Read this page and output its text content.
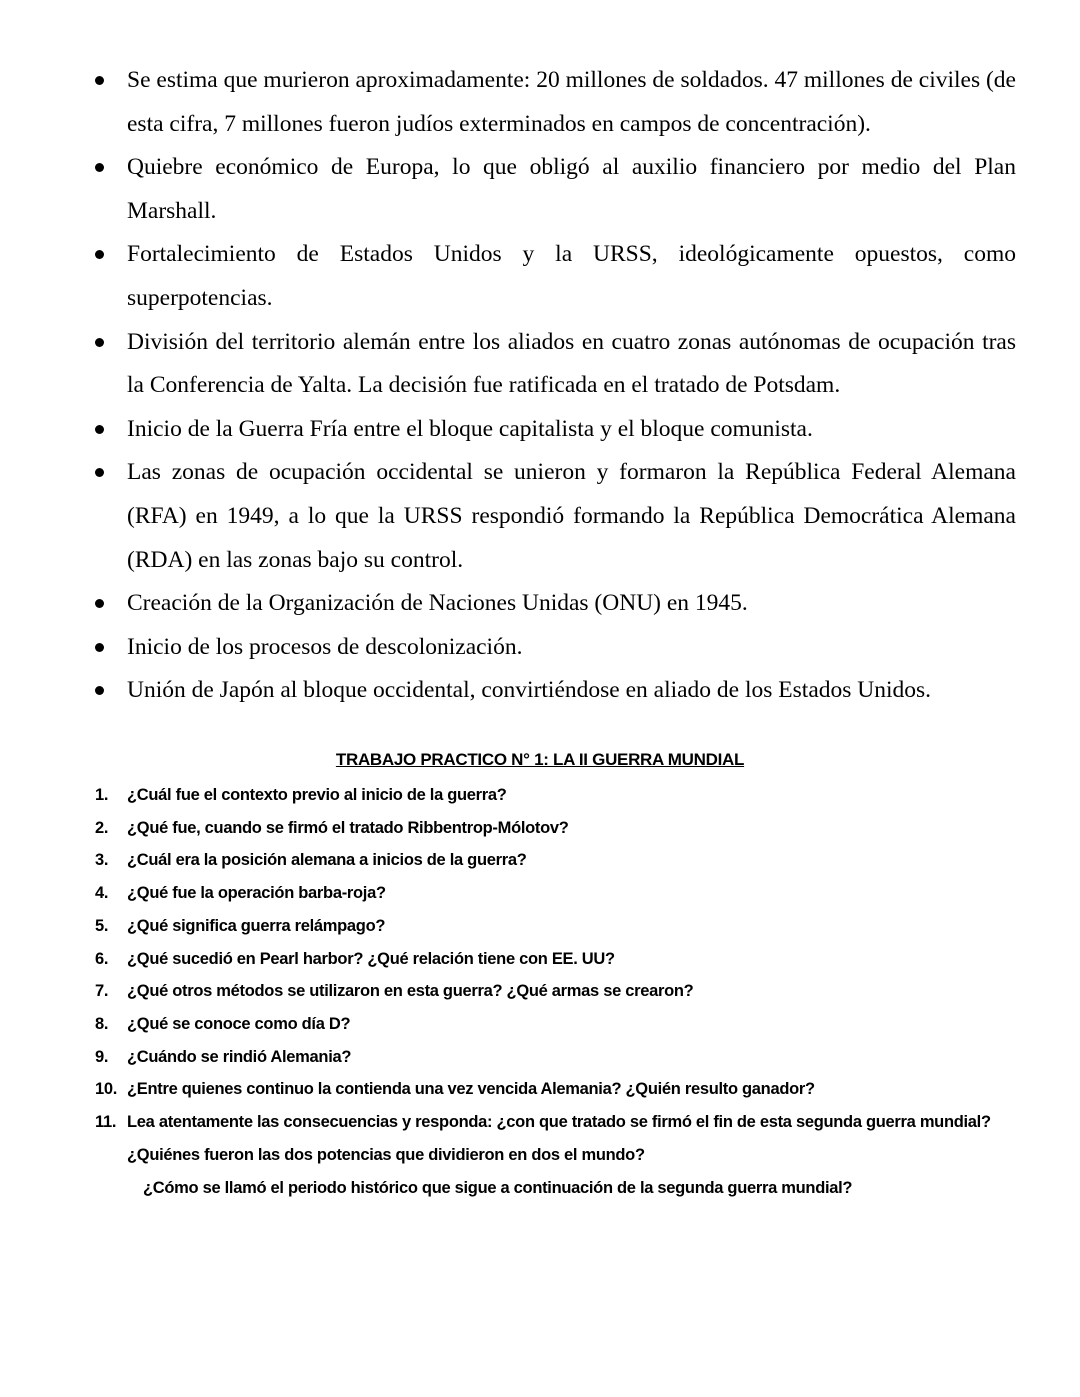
Se estima que murieron aproximadamente: 20 millones de soldados. 47 millones de civiles (de esta cifra, 7 millones fueron judíos exterminados en campos de concentración).
Quiebre económico de Europa, lo que obligó al auxilio financiero por medio del Plan Marshall.
Fortalecimiento de Estados Unidos y la URSS, ideológicamente opuestos, como superpotencias.
División del territorio alemán entre los aliados en cuatro zonas autónomas de ocupación tras la Conferencia de Yalta. La decisión fue ratificada en el tratado de Potsdam.
Inicio de la Guerra Fría entre el bloque capitalista y el bloque comunista.
Las zonas de ocupación occidental se unieron y formaron la República Federal Alemana (RFA) en 1949, a lo que la URSS respondió formando la República Democrática Alemana (RDA) en las zonas bajo su control.
Creación de la Organización de Naciones Unidas (ONU) en 1945.
Inicio de los procesos de descolonización.
Unión de Japón al bloque occidental, convirtiéndose en aliado de los Estados Unidos.
TRABAJO PRACTICO N° 1: LA II GUERRA MUNDIAL
1. ¿Cuál fue el contexto previo al inicio de la guerra?
2. ¿Qué fue, cuando se firmó el tratado Ribbentrop-Mólotov?
3. ¿Cuál era la posición alemana a inicios de la guerra?
4. ¿Qué fue la operación barba-roja?
5. ¿Qué significa guerra relámpago?
6. ¿Qué sucedió en Pearl harbor? ¿Qué relación tiene con EE. UU?
7. ¿Qué otros métodos se utilizaron en esta guerra? ¿Qué armas se crearon?
8. ¿Qué se conoce como día D?
9. ¿Cuándo se rindió Alemania?
10. ¿Entre quienes continuo la contienda una vez vencida Alemania? ¿Quién resulto ganador?
11. Lea atentamente las consecuencias y responda: ¿con que tratado se firmó el fin de esta segunda guerra mundial? ¿Quiénes fueron las dos potencias que dividieron en dos el mundo?
¿Cómo se llamó el periodo histórico que sigue a continuación de la segunda guerra mundial?
